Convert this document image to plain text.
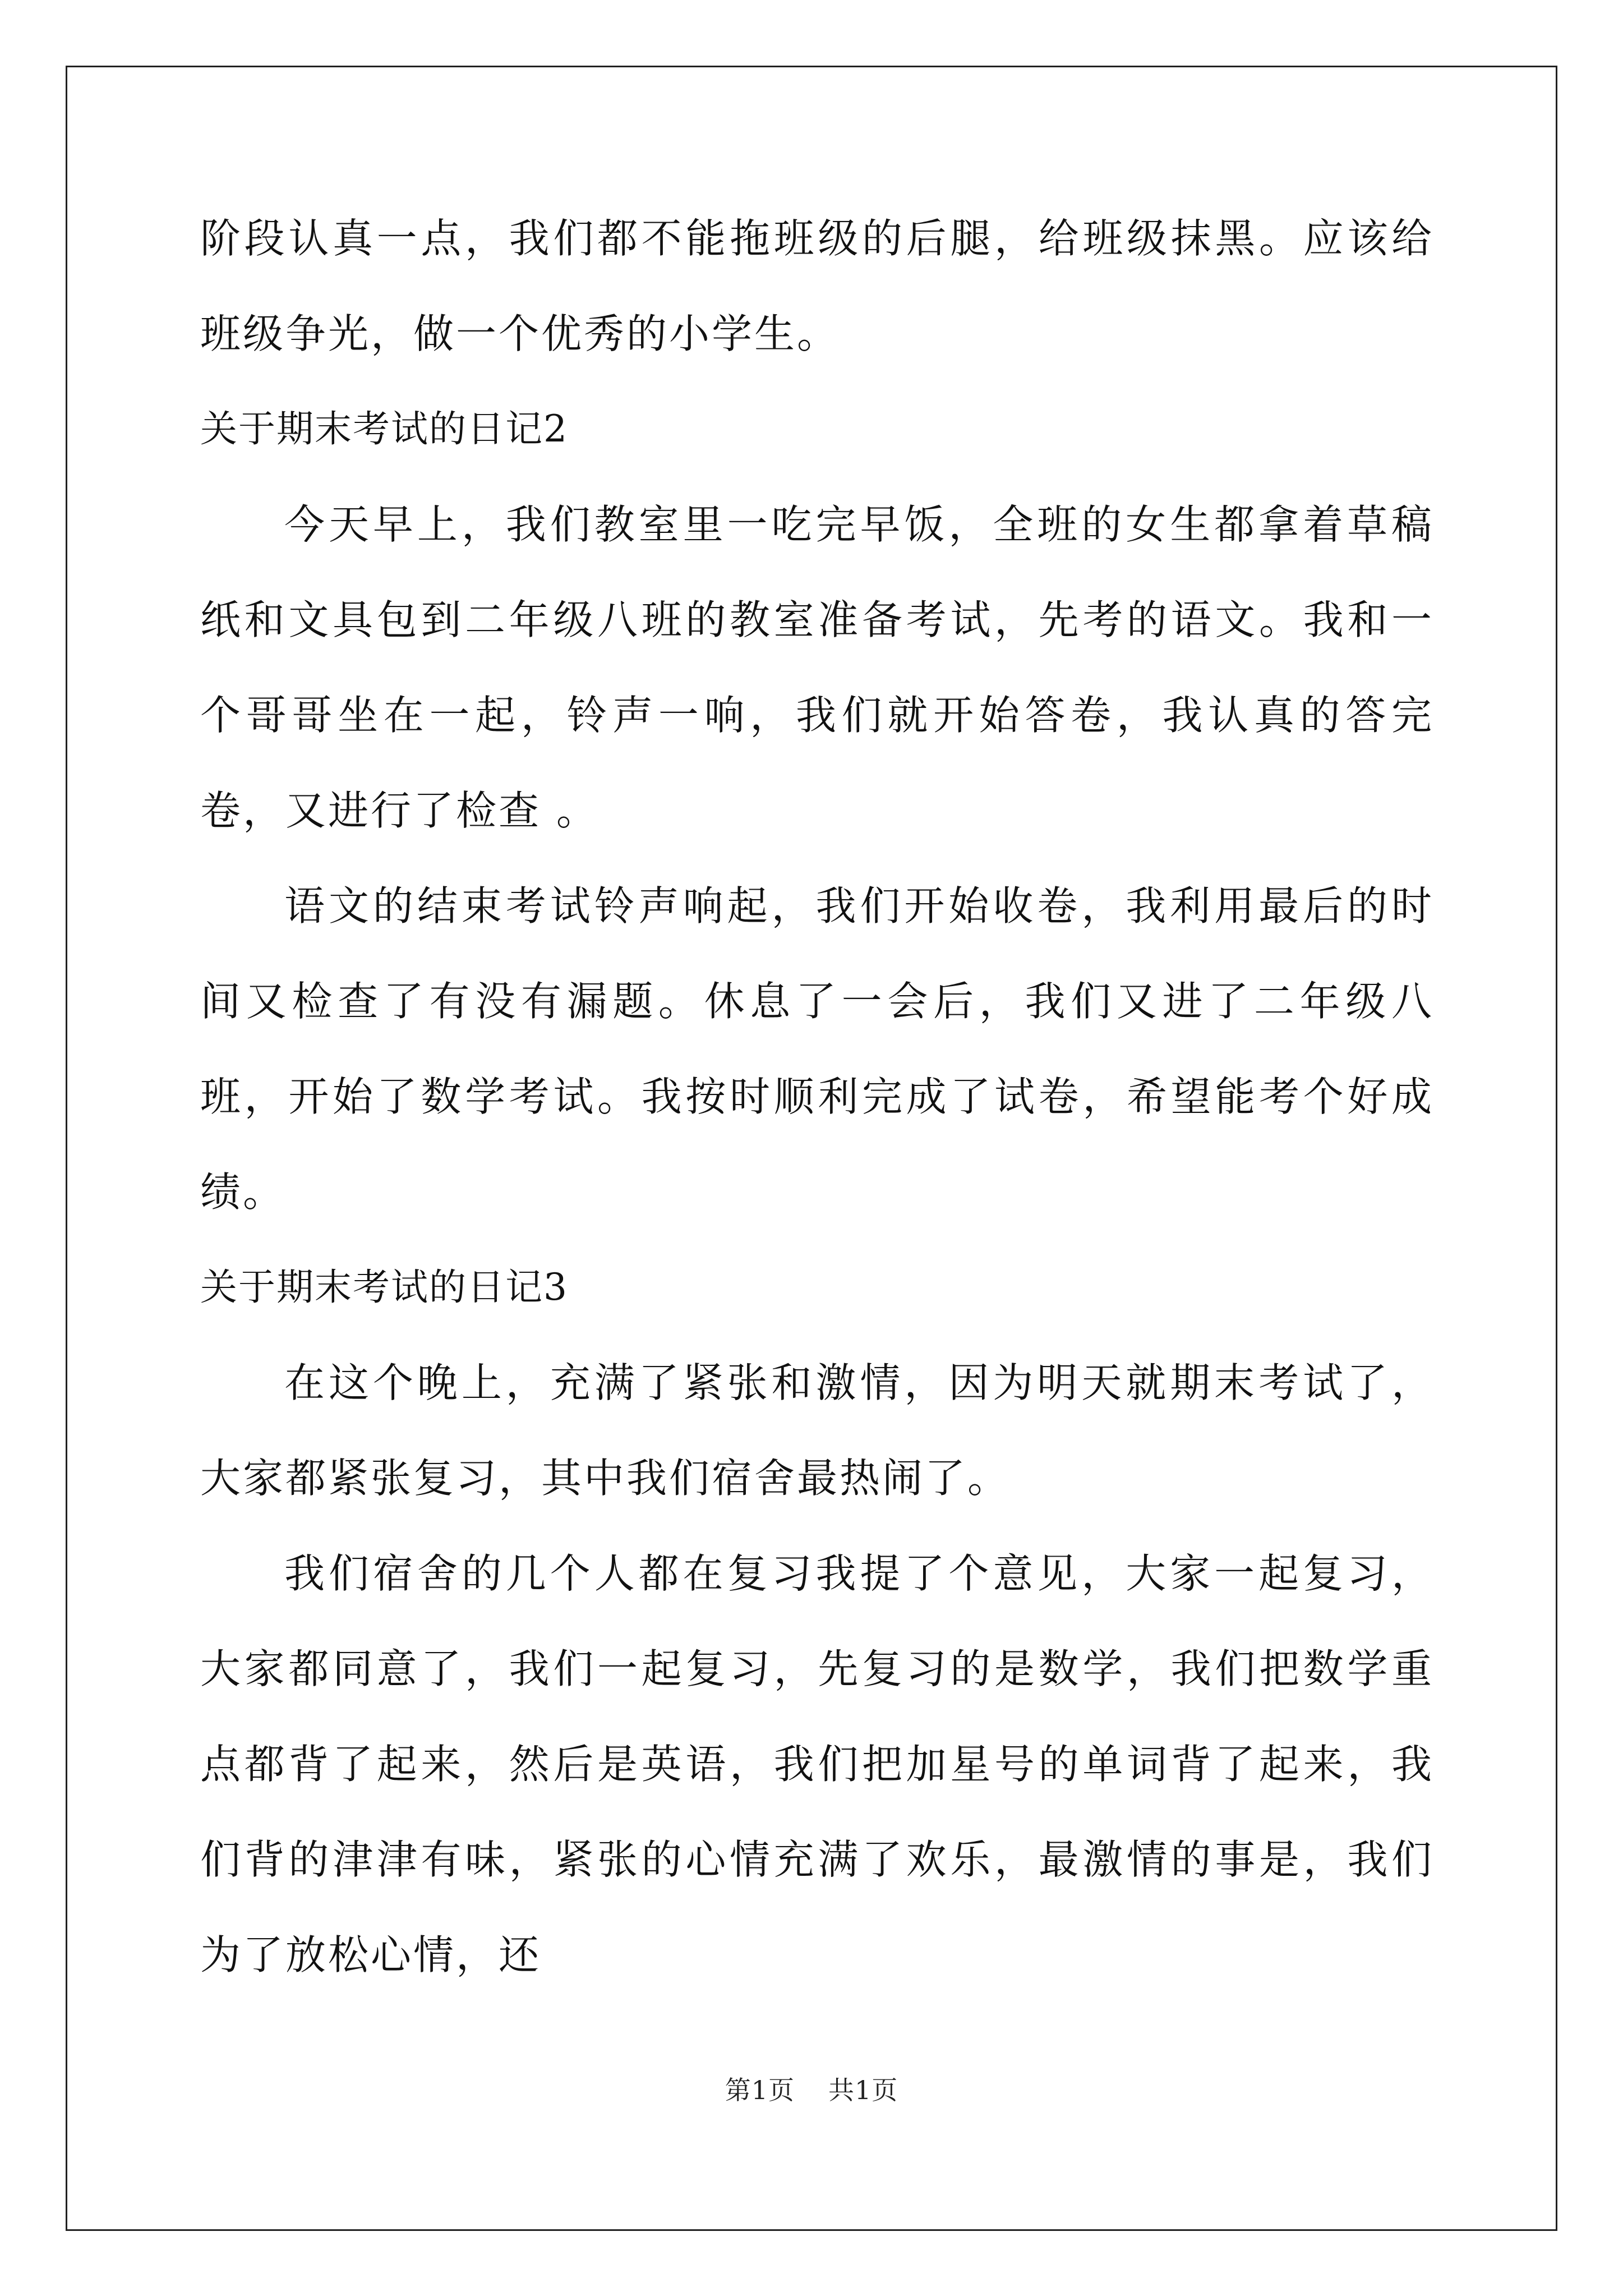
阶段认真一点，我们都不能拖班级的后腿，给班级抹黑。应该给班级争光，做一个优秀的小学生。

关于期末考试的日记2

今天早上，我们教室里一吃完早饭，全班的女生都拿着草稿纸和文具包到二年级八班的教室准备考试，先考的语文。我和一个哥哥坐在一起，铃声一响，我们就开始答卷，我认真的答完卷，又进行了检查 。

语文的结束考试铃声响起，我们开始收卷，我利用最后的时间又检查了有没有漏题。休息了一会后，我们又进了二年级八班，开始了数学考试。我按时顺利完成了试卷，希望能考个好成绩。

关于期末考试的日记3

在这个晚上，充满了紧张和激情，因为明天就期末考试了，大家都紧张复习，其中我们宿舍最热闹了。

我们宿舍的几个人都在复习我提了个意见，大家一起复习，大家都同意了，我们一起复习，先复习的是数学，我们把数学重点都背了起来，然后是英语，我们把加星号的单词背了起来，我们背的津津有味，紧张的心情充满了欢乐，最激情的事是，我们为了放松心情，还

第1页 共1页
